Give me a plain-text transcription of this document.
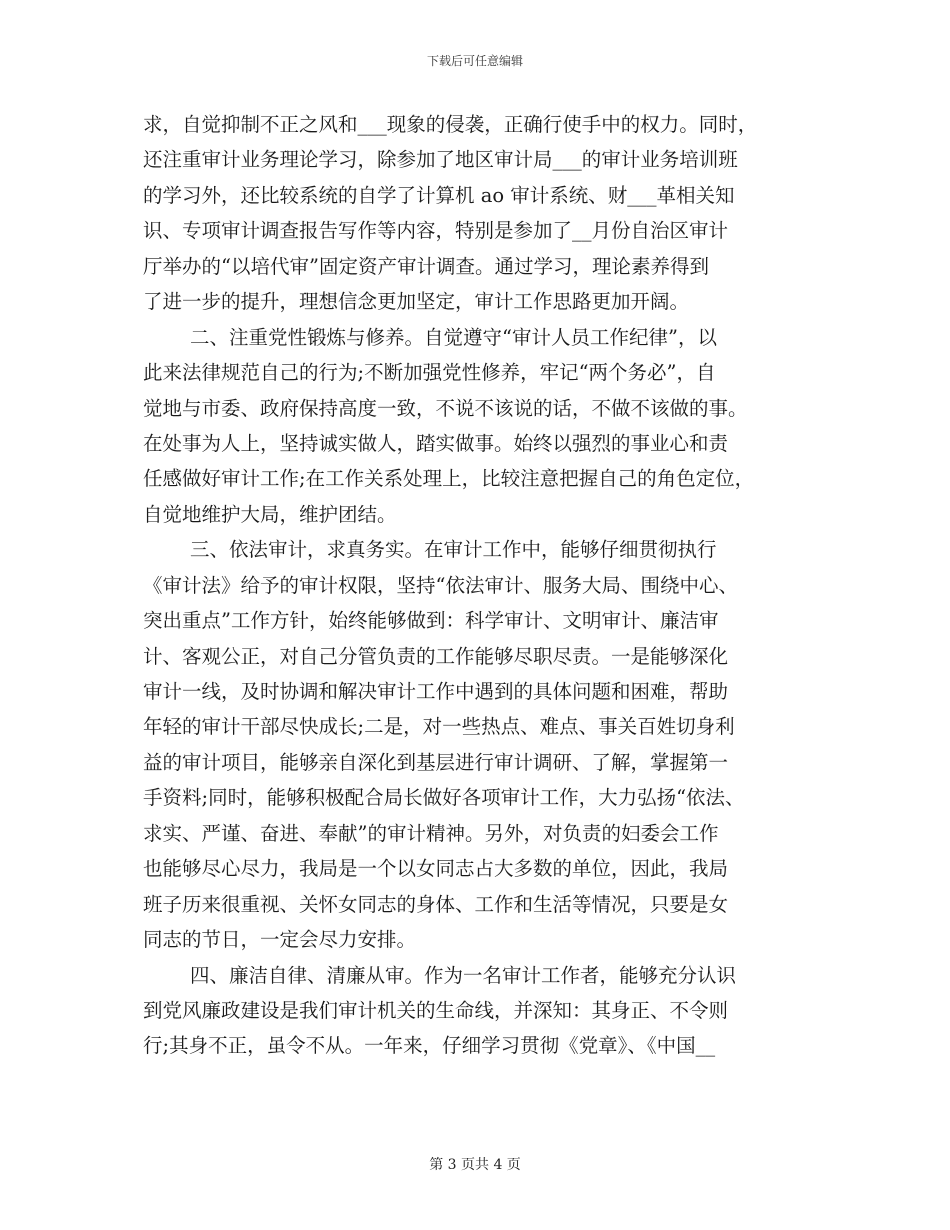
下载后可任意编辑
求，自觉抑制不正之风和___现象的侵袭，正确行使手中的权力。同时，
还注重审计业务理论学习，除参加了地区审计局___的审计业务培训班
的学习外，还比较系统的自学了计算机 ao 审计系统、财___革相关知
识、专项审计调查报告写作等内容，特别是参加了__月份自治区审计
厅举办的“以培代审”固定资产审计调查。通过学习，理论素养得到
了进一步的提升，理想信念更加坚定，审计工作思路更加开阔。
二、注重党性锻炼与修养。自觉遵守“审计人员工作纪律”，以
此来法律规范自己的行为;不断加强党性修养，牢记“两个务必”，自
觉地与市委、政府保持高度一致，不说不该说的话，不做不该做的事。
在处事为人上，坚持诚实做人，踏实做事。始终以强烈的事业心和责
任感做好审计工作;在工作关系处理上，比较注意把握自己的角色定位，
自觉地维护大局，维护团结。
三、依法审计，求真务实。在审计工作中，能够仔细贯彻执行
《审计法》给予的审计权限，坚持“依法审计、服务大局、围绕中心、
突出重点”工作方针，始终能够做到：科学审计、文明审计、廉洁审
计、客观公正，对自己分管负责的工作能够尽职尽责。一是能够深化
审计一线，及时协调和解决审计工作中遇到的具体问题和困难，帮助
年轻的审计干部尽快成长;二是，对一些热点、难点、事关百姓切身利
益的审计项目，能够亲自深化到基层进行审计调研、了解，掌握第一
手资料;同时，能够积极配合局长做好各项审计工作，大力弘扬“依法、
求实、严谨、奋进、奉献”的审计精神。另外，对负责的妇委会工作
也能够尽心尽力，我局是一个以女同志占大多数的单位，因此，我局
班子历来很重视、关怀女同志的身体、工作和生活等情况，只要是女
同志的节日，一定会尽力安排。
四、廉洁自律、清廉从审。作为一名审计工作者，能够充分认识
到党风廉政建设是我们审计机关的生命线，并深知：其身正、不令则
行;其身不正，虽令不从。一年来，仔细学习贯彻《党章》、《中国__
第 3 页共 4 页
